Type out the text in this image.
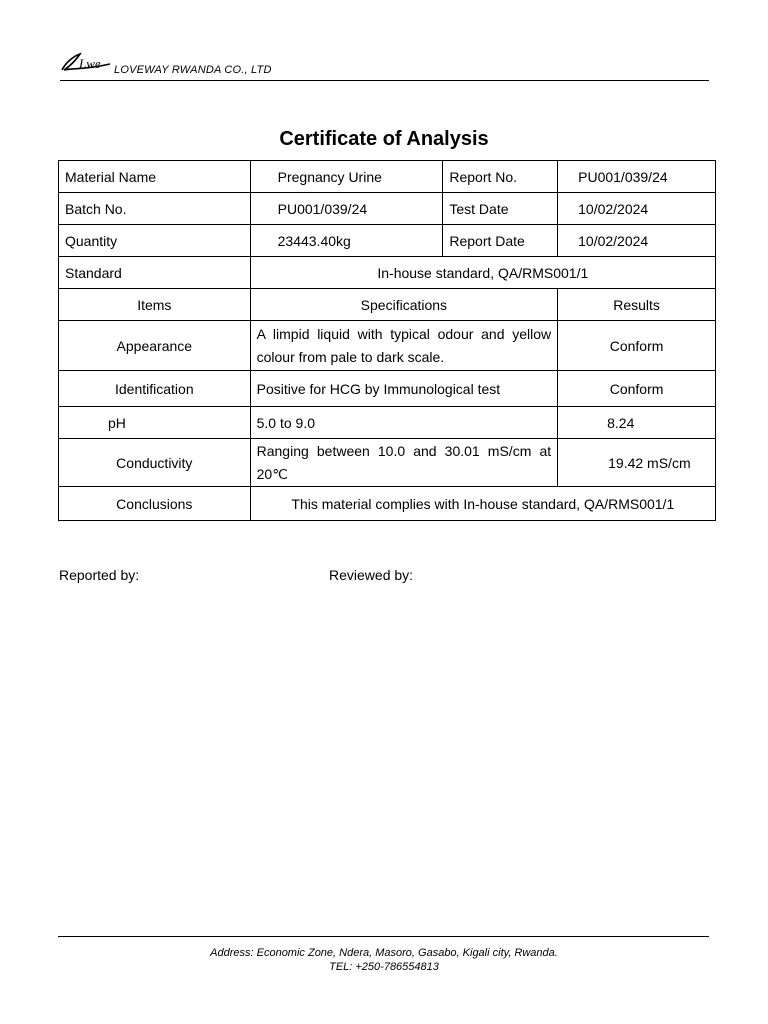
Lwe LOVEWAY RWANDA CO., LTD
Certificate of Analysis
Material Name	Pregnancy Urine	Report No.	PU001/039/24
Batch No.	PU001/039/24	Test Date	10/02/2024
Quantity	23443.40kg	Report Date	10/02/2024
Standard	In-house standard, QA/RMS001/1		
Items	Specifications		Results
Appearance	A limpid liquid with typical odour and yellow colour from pale to dark scale.		Conform
Identification	Positive for HCG by Immunological test		Conform
pH	5.0 to 9.0		8.24
Conductivity	Ranging between 10.0 and 30.01 mS/cm at 20℃		19.42 mS/cm
Conclusions	This material complies with In-house standard, QA/RMS001/1		
Reported by:	Reviewed by:
Address: Economic Zone, Ndera, Masoro, Gasabo, Kigali city, Rwanda.
TEL: +250-786554813
